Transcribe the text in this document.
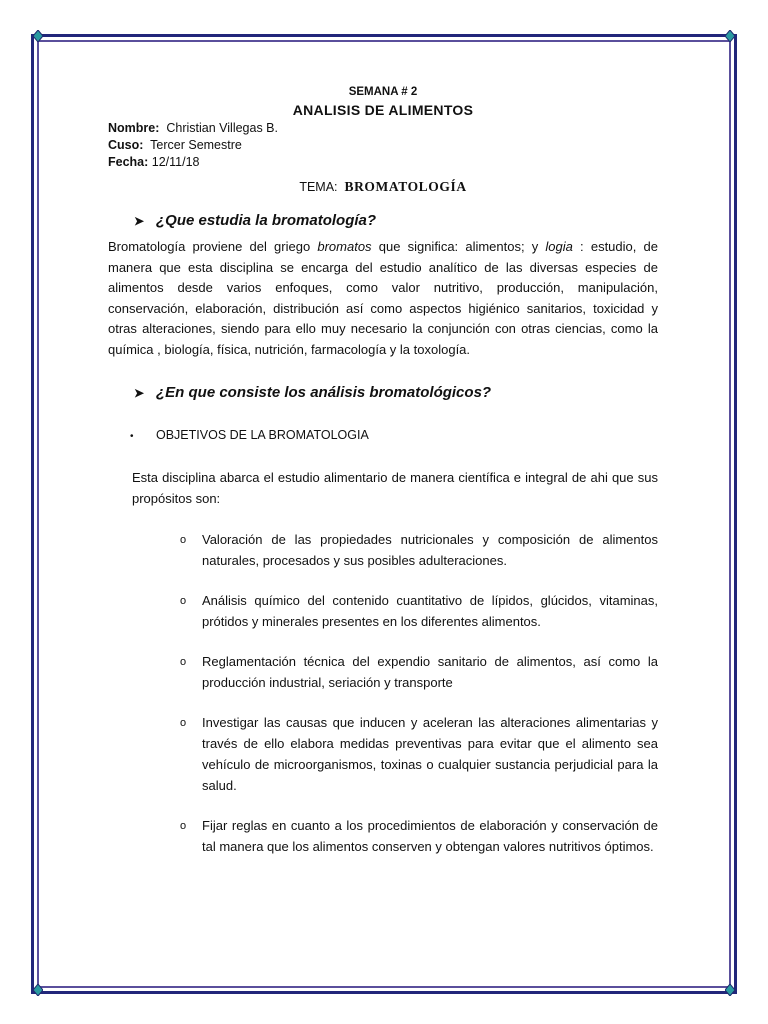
SEMANA # 2
ANALISIS DE ALIMENTOS
Nombre: Christian Villegas B.
Cuso: Tercer Semestre
Fecha: 12/11/18
TEMA: BROMATOLOGÍA
➤ ¿Que estudia la bromatología?

Bromatología proviene del griego bromatos que significa: alimentos; y logia : estudio, de manera que esta disciplina se encarga del estudio analítico de las diversas especies de alimentos desde varios enfoques, como valor nutritivo, producción, manipulación, conservación, elaboración, distribución así como aspectos higiénico sanitarios, toxicidad y otras alteraciones, siendo para ello muy necesario la conjunción con otras ciencias, como la química , biología, física, nutrición, farmacología y la toxología.

➤ ¿En que consiste los análisis bromatológicos?
• OBJETIVOS DE LA BROMATOLOGIA

Esta disciplina abarca el estudio alimentario de manera científica e integral de ahi que sus propósitos son:

o Valoración de las propiedades nutricionales y composición de alimentos naturales, procesados y sus posibles adulteraciones.
o Análisis químico del contenido cuantitativo de lípidos, glúcidos, vitaminas, prótidos y minerales presentes en los diferentes alimentos.
o Reglamentación técnica del expendio sanitario de alimentos, así como la producción industrial, seriación y transporte
o Investigar las causas que inducen y aceleran las alteraciones alimentarias y través de ello elabora medidas preventivas para evitar que el alimento sea vehículo de microorganismos, toxinas o cualquier sustancia perjudicial para la salud.
o Fijar reglas en cuanto a los procedimientos de elaboración y conservación de tal manera que los alimentos conserven y obtengan valores nutritivos óptimos.
